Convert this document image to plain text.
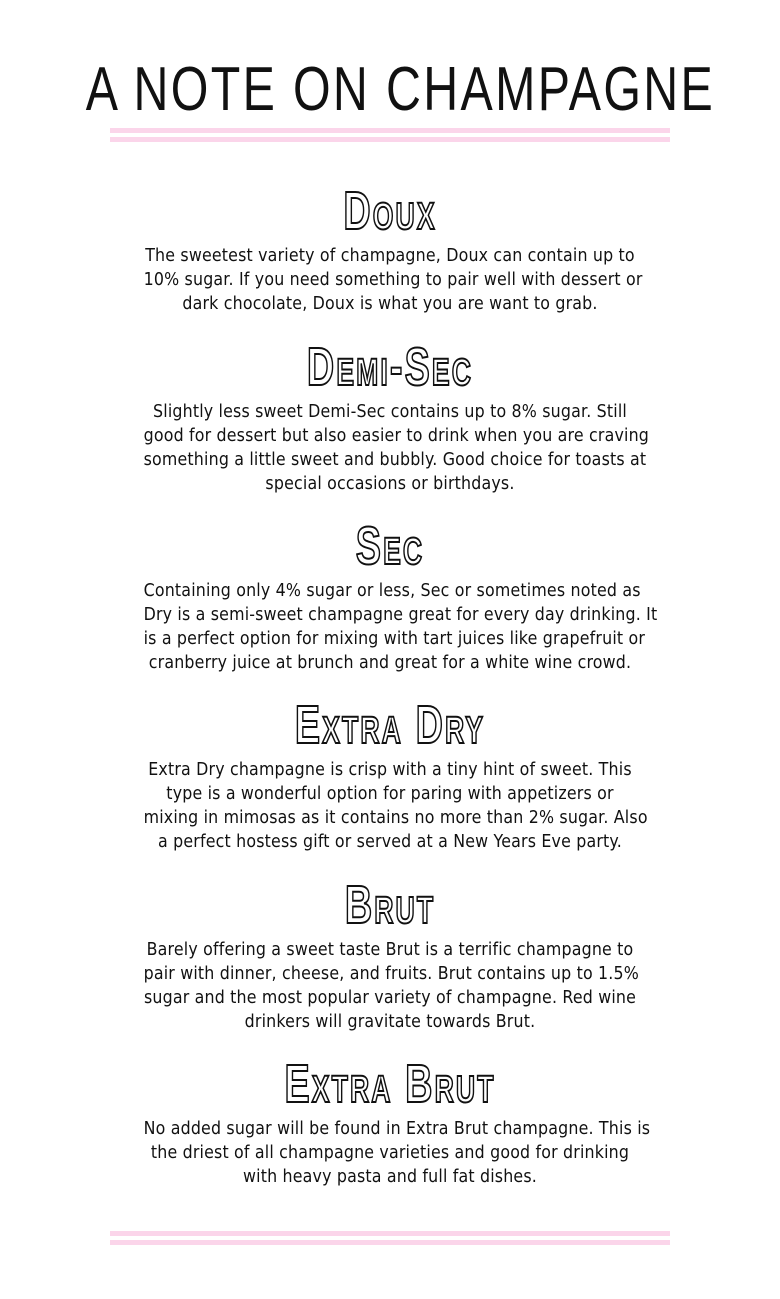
A NOTE ON CHAMPAGNE
Doux
The sweetest variety of champagne, Doux can contain up to
10% sugar. If you need something to pair well with dessert or
dark chocolate, Doux is what you are want to grab.
Demi-Sec
Slightly less sweet Demi-Sec contains up to 8% sugar. Still
good for dessert but also easier to drink when you are craving
something a little sweet and bubbly. Good choice for toasts at
special occasions or birthdays.
Sec
Containing only 4% sugar or less, Sec or sometimes noted as
Dry is a semi-sweet champagne great for every day drinking. It
is a perfect option for mixing with tart juices like grapefruit or
cranberry juice at brunch and great for a white wine crowd.
Extra Dry
Extra Dry champagne is crisp with a tiny hint of sweet. This
type is a wonderful option for paring with appetizers or
mixing in mimosas as it contains no more than 2% sugar. Also
a perfect hostess gift or served at a New Years Eve party.
Brut
Barely offering a sweet taste Brut is a terrific champagne to
pair with dinner, cheese, and fruits. Brut contains up to 1.5%
sugar and the most popular variety of champagne. Red wine
drinkers will gravitate towards Brut.
Extra Brut
No added sugar will be found in Extra Brut champagne. This is
the driest of all champagne varieties and good for drinking
with heavy pasta and full fat dishes.
